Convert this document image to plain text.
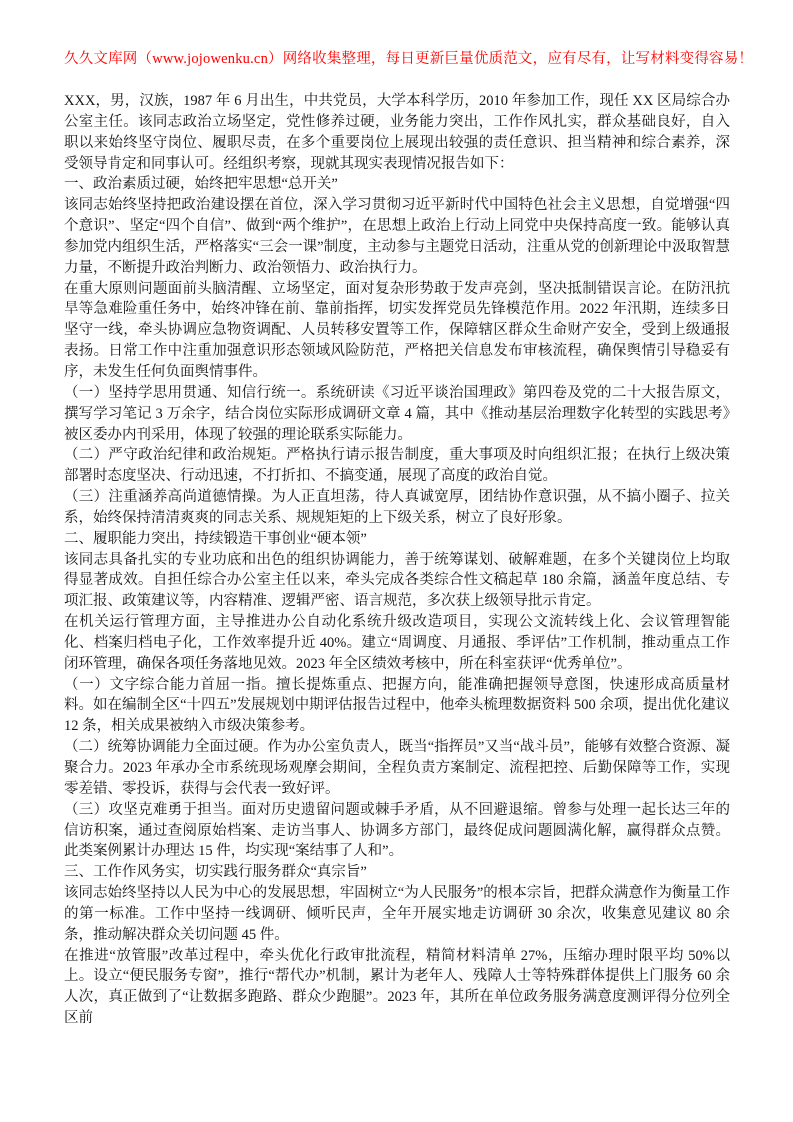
久久文库网（www.jojowenku.cn）网络收集整理，每日更新巨量优质范文，应有尽有，让写材料变得容易！

XXX，男，汉族，1987 年 6 月出生，中共党员，大学本科学历，2010 年参加工作，现任 XX 区局综合办公室主任。该同志政治立场坚定，党性修养过硬，业务能力突出，工作作风扎实，群众基础良好，自入职以来始终坚守岗位、履职尽责，在多个重要岗位上展现出较强的责任意识、担当精神和综合素养，深受领导肯定和同事认可。经组织考察，现就其现实表现情况报告如下：

一、政治素质过硬，始终把牢思想“总开关”

该同志始终坚持把政治建设摆在首位，深入学习贯彻习近平新时代中国特色社会主义思想，自觉增强“四个意识”、坚定“四个自信”、做到“两个维护”，在思想上政治上行动上同党中央保持高度一致。能够认真参加党内组织生活，严格落实“三会一课”制度，主动参与主题党日活动，注重从党的创新理论中汲取智慧力量，不断提升政治判断力、政治领悟力、政治执行力。

在重大原则问题面前头脑清醒、立场坚定，面对复杂形势敢于发声亮剑，坚决抵制错误言论。在防汛抗旱等急难险重任务中，始终冲锋在前、靠前指挥，切实发挥党员先锋模范作用。2022 年汛期，连续多日坚守一线，牵头协调应急物资调配、人员转移安置等工作，保障辖区群众生命财产安全，受到上级通报表扬。日常工作中注重加强意识形态领域风险防范，严格把关信息发布审核流程，确保舆情引导稳妥有序，未发生任何负面舆情事件。

（一）坚持学思用贯通、知信行统一。系统研读《习近平谈治国理政》第四卷及党的二十大报告原文，撰写学习笔记 3 万余字，结合岗位实际形成调研文章 4 篇，其中《推动基层治理数字化转型的实践思考》被区委办内刊采用，体现了较强的理论联系实际能力。

（二）严守政治纪律和政治规矩。严格执行请示报告制度，重大事项及时向组织汇报；在执行上级决策部署时态度坚决、行动迅速，不打折扣、不搞变通，展现了高度的政治自觉。

（三）注重涵养高尚道德情操。为人正直坦荡，待人真诚宽厚，团结协作意识强，从不搞小圈子、拉关系，始终保持清清爽爽的同志关系、规规矩矩的上下级关系，树立了良好形象。

二、履职能力突出，持续锻造干事创业“硬本领”

该同志具备扎实的专业功底和出色的组织协调能力，善于统筹谋划、破解难题，在多个关键岗位上均取得显著成效。自担任综合办公室主任以来，牵头完成各类综合性文稿起草 180 余篇，涵盖年度总结、专项汇报、政策建议等，内容精准、逻辑严密、语言规范，多次获上级领导批示肯定。

在机关运行管理方面，主导推进办公自动化系统升级改造项目，实现公文流转线上化、会议管理智能化、档案归档电子化，工作效率提升近 40%。建立“周调度、月通报、季评估”工作机制，推动重点工作闭环管理，确保各项任务落地见效。2023 年全区绩效考核中，所在科室获评“优秀单位”。

（一）文字综合能力首屈一指。擅长提炼重点、把握方向，能准确把握领导意图，快速形成高质量材料。如在编制全区“十四五”发展规划中期评估报告过程中，他牵头梳理数据资料 500 余项，提出优化建议 12 条，相关成果被纳入市级决策参考。

（二）统筹协调能力全面过硬。作为办公室负责人，既当“指挥员”又当“战斗员”，能够有效整合资源、凝聚合力。2023 年承办全市系统现场观摩会期间，全程负责方案制定、流程把控、后勤保障等工作，实现零差错、零投诉，获得与会代表一致好评。

（三）攻坚克难勇于担当。面对历史遗留问题或棘手矛盾，从不回避退缩。曾参与处理一起长达三年的信访积案，通过查阅原始档案、走访当事人、协调多方部门，最终促成问题圆满化解，赢得群众点赞。此类案例累计办理达 15 件，均实现“案结事了人和”。

三、工作作风务实，切实践行服务群众“真宗旨”

该同志始终坚持以人民为中心的发展思想，牢固树立“为人民服务”的根本宗旨，把群众满意作为衡量工作的第一标准。工作中坚持一线调研、倾听民声，全年开展实地走访调研 30 余次，收集意见建议 80 余条，推动解决群众关切问题 45 件。

在推进“放管服”改革过程中，牵头优化行政审批流程，精简材料清单 27%，压缩办理时限平均 50%以上。设立“便民服务专窗”，推行“帮代办”机制，累计为老年人、残障人士等特殊群体提供上门服务 60 余人次，真正做到了“让数据多跑路、群众少跑腿”。2023 年，其所在单位政务服务满意度测评得分位列全区前
